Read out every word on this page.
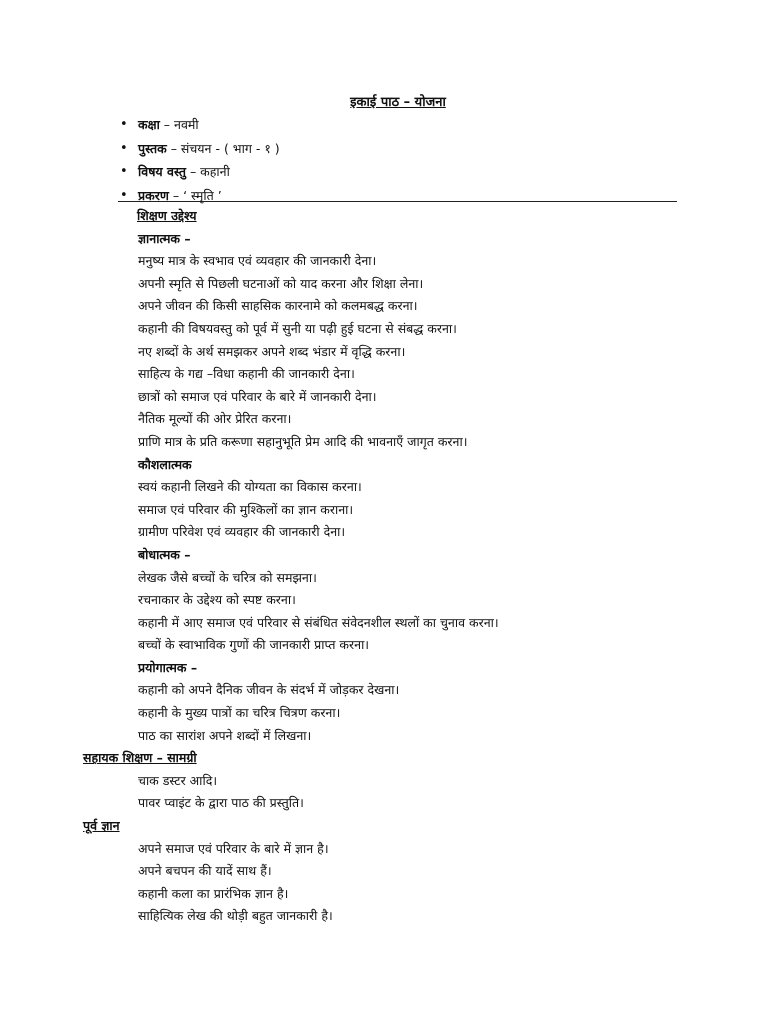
इकाई पाठ – योजना
• कक्षा – नवमी
• पुस्तक – संचयन - ( भाग - १ )
• विषय वस्तु – कहानी
• प्रकरण – ‘ स्मृति ’
शिक्षण उद्देश्य
ज्ञानात्मक –
मनुष्य मात्र के स्वभाव एवं व्यवहार की जानकारी देना।
अपनी स्मृति से पिछली घटनाओं को याद करना और शिक्षा लेना।
अपने जीवन की किसी साहसिक कारनामे को कलमबद्ध करना।
कहानी की विषयवस्तु को पूर्व में सुनी या पढ़ी हुई घटना से संबद्ध करना।
नए शब्दों के अर्थ समझकर अपने शब्द भंडार में वृद्धि करना।
साहित्य के गद्य –विधा कहानी की जानकारी देना।
छात्रों को समाज एवं परिवार के बारे में जानकारी देना।
नैतिक मूल्यों की ओर प्रेरित करना।
प्राणि मात्र के प्रति करूणा सहानुभूति प्रेम आदि की भावनाएँ जागृत करना।
कौशलात्मक
स्वयं कहानी लिखने की योग्यता का विकास करना।
समाज एवं परिवार की मुश्किलों का ज्ञान कराना।
ग्रामीण परिवेश एवं व्यवहार की जानकारी देना।
बोधात्मक –
लेखक जैसे बच्चों के चरित्र को समझना।
रचनाकार के उद्देश्य को स्पष्ट करना।
कहानी में आए समाज एवं परिवार से संबंधित संवेदनशील स्थलों का चुनाव करना।
बच्चों के स्वाभाविक गुणों की जानकारी प्राप्त करना।
प्रयोगात्मक –
कहानी को अपने दैनिक जीवन के संदर्भ में जोड़कर देखना।
कहानी के मुख्य पात्रों का चरित्र चित्रण करना।
पाठ का सारांश अपने शब्दों में लिखना।
सहायक शिक्षण – सामग्री
चाक डस्टर आदि।
पावर प्वाइंट के द्वारा पाठ की प्रस्तुति।
पूर्व ज्ञान
अपने समाज एवं परिवार के बारे में ज्ञान है।
अपने बचपन की यादें साथ हैं।
कहानी कला का प्रारंभिक ज्ञान है।
साहित्यिक लेख की थोड़ी बहुत जानकारी है।
